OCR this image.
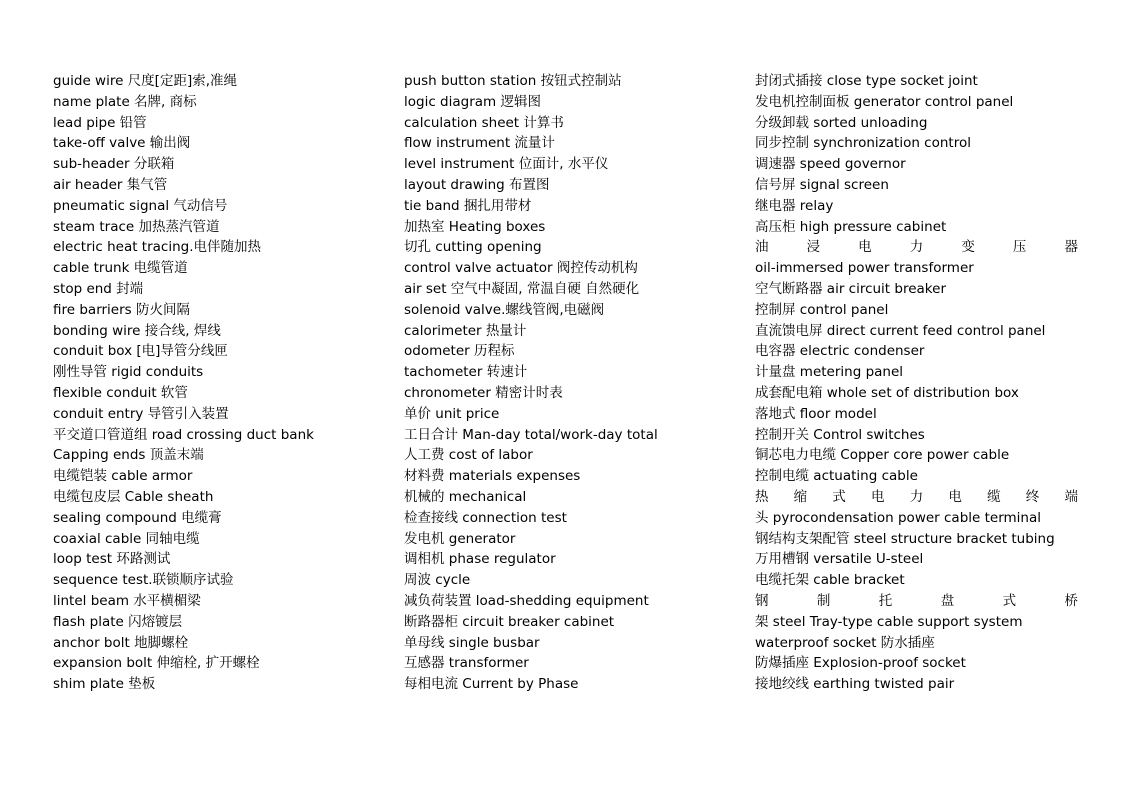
guide wire 尺度[定距]索,准绳
name plate 名牌, 商标
lead pipe 铅管
take-off valve 输出阀
sub-header 分联箱
air header 集气管
pneumatic signal 气动信号
steam trace 加热蒸汽管道
electric heat tracing.电伴随加热
cable trunk 电缆管道
stop end 封端
fire barriers 防火间隔
bonding wire 接合线, 焊线
conduit box [电]导管分线匣
刚性导管 rigid conduits
flexible conduit 软管
conduit entry 导管引入装置
平交道口管道组 road crossing duct bank
Capping ends 顶盖末端
电缆铠装 cable armor
电缆包皮层 Cable sheath
sealing compound 电缆膏
coaxial cable 同轴电缆
loop test 环路测试
sequence test.联锁顺序试验
lintel beam 水平横楣梁
flash plate 闪熔镀层
anchor bolt 地脚螺栓
expansion bolt 伸缩栓, 扩开螺栓
shim plate 垫板
push button station 按钮式控制站
logic diagram 逻辑图
calculation sheet 计算书
flow instrument 流量计
level instrument 位面计, 水平仪
layout drawing 布置图
tie band 捆扎用带材
加热室 Heating boxes
切孔 cutting opening
control valve actuator 阀控传动机构
air set 空气中凝固, 常温自硬 自然硬化
solenoid valve.螺线管阀,电磁阀
calorimeter 热量计
odometer 历程标
tachometer 转速计
chronometer 精密计时表
单价 unit price
工日合计 Man-day total/work-day total
人工费 cost of labor
材料费 materials expenses
机械的 mechanical
检查接线 connection test
发电机 generator
调相机 phase regulator
周波 cycle
减负荷装置 load-shedding equipment
断路器柜 circuit breaker cabinet
单母线 single busbar
互感器 transformer
每相电流 Current by Phase
封闭式插接 close type socket joint
发电机控制面板 generator control panel
分级卸载 sorted unloading
同步控制 synchronization control
调速器 speed governor
信号屏 signal screen
继电器 relay
高压柜 high pressure cabinet
油 浸 电 力 变 压 器
oil-immersed power transformer
空气断路器 air circuit breaker
控制屏 control panel
直流馈电屏 direct current feed control panel
电容器 electric condenser
计量盘 metering panel
成套配电箱 whole set of distribution box
落地式 floor model
控制开关 Control switches
铜芯电力电缆 Copper core power cable
控制电缆 actuating cable
热 缩 式 电 力 电 缆 终 端
头 pyrocondensation power cable terminal
钢结构支架配管 steel structure bracket tubing
万用槽钢 versatile U-steel
电缆托架 cable bracket
钢 制 托 盘 式 桥
架 steel Tray-type cable support system
waterproof socket 防水插座
防爆插座 Explosion-proof socket
接地绞线 earthing twisted pair
